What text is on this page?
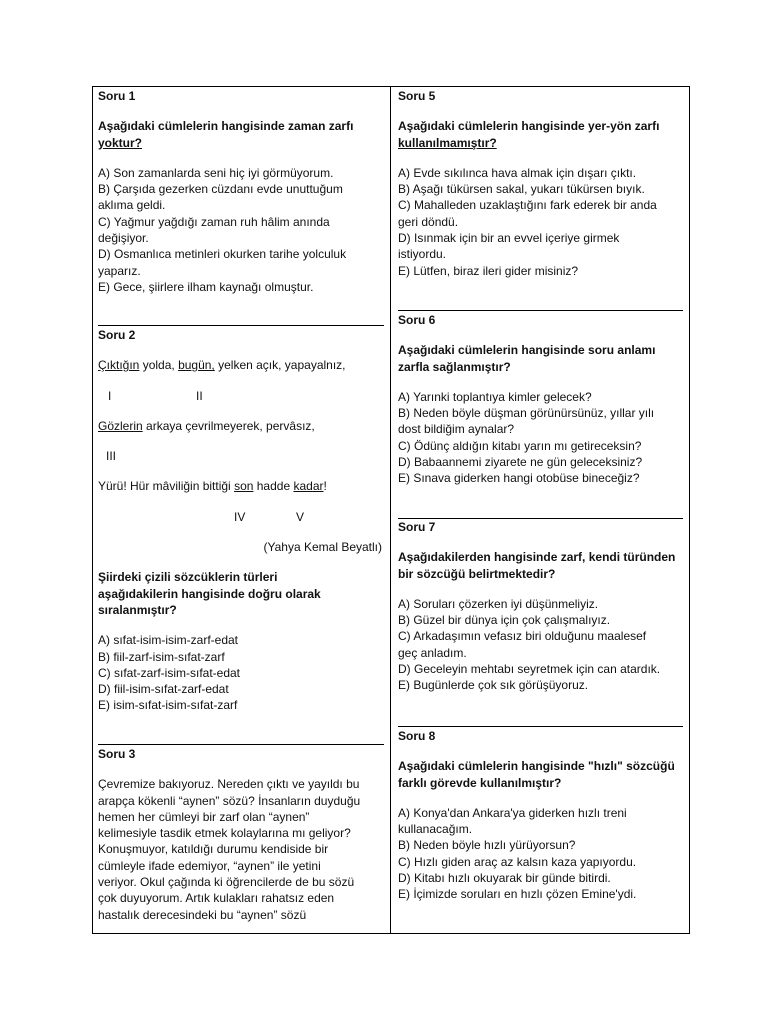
Soru 1

Aşağıdaki cümlelerin hangisinde zaman zarfı

yoktur?

A) Son zamanlarda seni hiç iyi görmüyorum.

B) Çarşıda gezerken cüzdanı evde unuttuğum

aklıma geldi.

C) Yağmur yağdığı zaman ruh hâlim anında

değişiyor.

D) Osmanlıca metinleri okurken tarihe yolculuk

yaparız.

E) Gece, şiirlere ilham kaynağı olmuştur.

Soru 2

Çıktığın yolda, bugün, yelken açık, yapayalnız,

I	II

Gözlerin arkaya çevrilmeyerek, pervâsız,

III

Yürü! Hür mâviliğin bittiği son hadde kadar!

IV	V

(Yahya Kemal Beyatlı)

Şiirdeki çizili sözcüklerin türleri

aşağıdakilerin hangisinde doğru olarak

sıralanmıştır?

A) sıfat-isim-isim-zarf-edat

B) fiil-zarf-isim-sıfat-zarf

C) sıfat-zarf-isim-sıfat-edat

D) fiil-isim-sıfat-zarf-edat

E) isim-sıfat-isim-sıfat-zarf

Soru 3

Çevremize bakıyoruz. Nereden çıktı ve yayıldı bu

arapça kökenli “aynen” sözü? İnsanların duyduğu

hemen her cümleyi bir zarf olan “aynen”

kelimesiyle tasdik etmek kolaylarına mı geliyor?

Konuşmuyor, katıldığı durumu kendiside bir

cümleyle ifade edemiyor, “aynen” ile yetini

veriyor. Okul çağında ki öğrencilerde de bu sözü

çok duyuyorum. Artık kulakları rahatsız eden

hastalık derecesindeki bu “aynen” sözü

Soru 5

Aşağıdaki cümlelerin hangisinde yer-yön zarfı

kullanılmamıştır?

A) Evde sıkılınca hava almak için dışarı çıktı.

B) Aşağı tükürsen sakal, yukarı tükürsen bıyık.

C) Mahalleden uzaklaştığını fark ederek bir anda

geri döndü.

D) Isınmak için bir an evvel içeriye girmek

istiyordu.

E) Lütfen, biraz ileri gider misiniz?

Soru 6

Aşağıdaki cümlelerin hangisinde soru anlamı

zarfla sağlanmıştır?

A) Yarınki toplantıya kimler gelecek?

B) Neden böyle düşman görünürsünüz, yıllar yılı

dost bildiğim aynalar?

C) Ödünç aldığın kitabı yarın mı getireceksin?

D) Babaannemi ziyarete ne gün geleceksiniz?

E) Sınava giderken hangi otobüse bineceğiz?

Soru 7

Aşağıdakilerden hangisinde zarf, kendi türünden

bir sözcüğü belirtmektedir?

A) Soruları çözerken iyi düşünmeliyiz.

B) Güzel bir dünya için çok çalışmalıyız.

C) Arkadaşımın vefasız biri olduğunu maalesef

geç anladım.

D) Geceleyin mehtabı seyretmek için can atardık.

E) Bugünlerde çok sık görüşüyoruz.

Soru 8

Aşağıdaki cümlelerin hangisinde "hızlı" sözcüğü

farklı görevde kullanılmıştır?

A) Konya'dan Ankara'ya giderken hızlı treni

kullanacağım.

B) Neden böyle hızlı yürüyorsun?

C) Hızlı giden araç az kalsın kaza yapıyordu.

D) Kitabı hızlı okuyarak bir günde bitirdi.

E) İçimizde soruları en hızlı çözen Emine'ydi.
